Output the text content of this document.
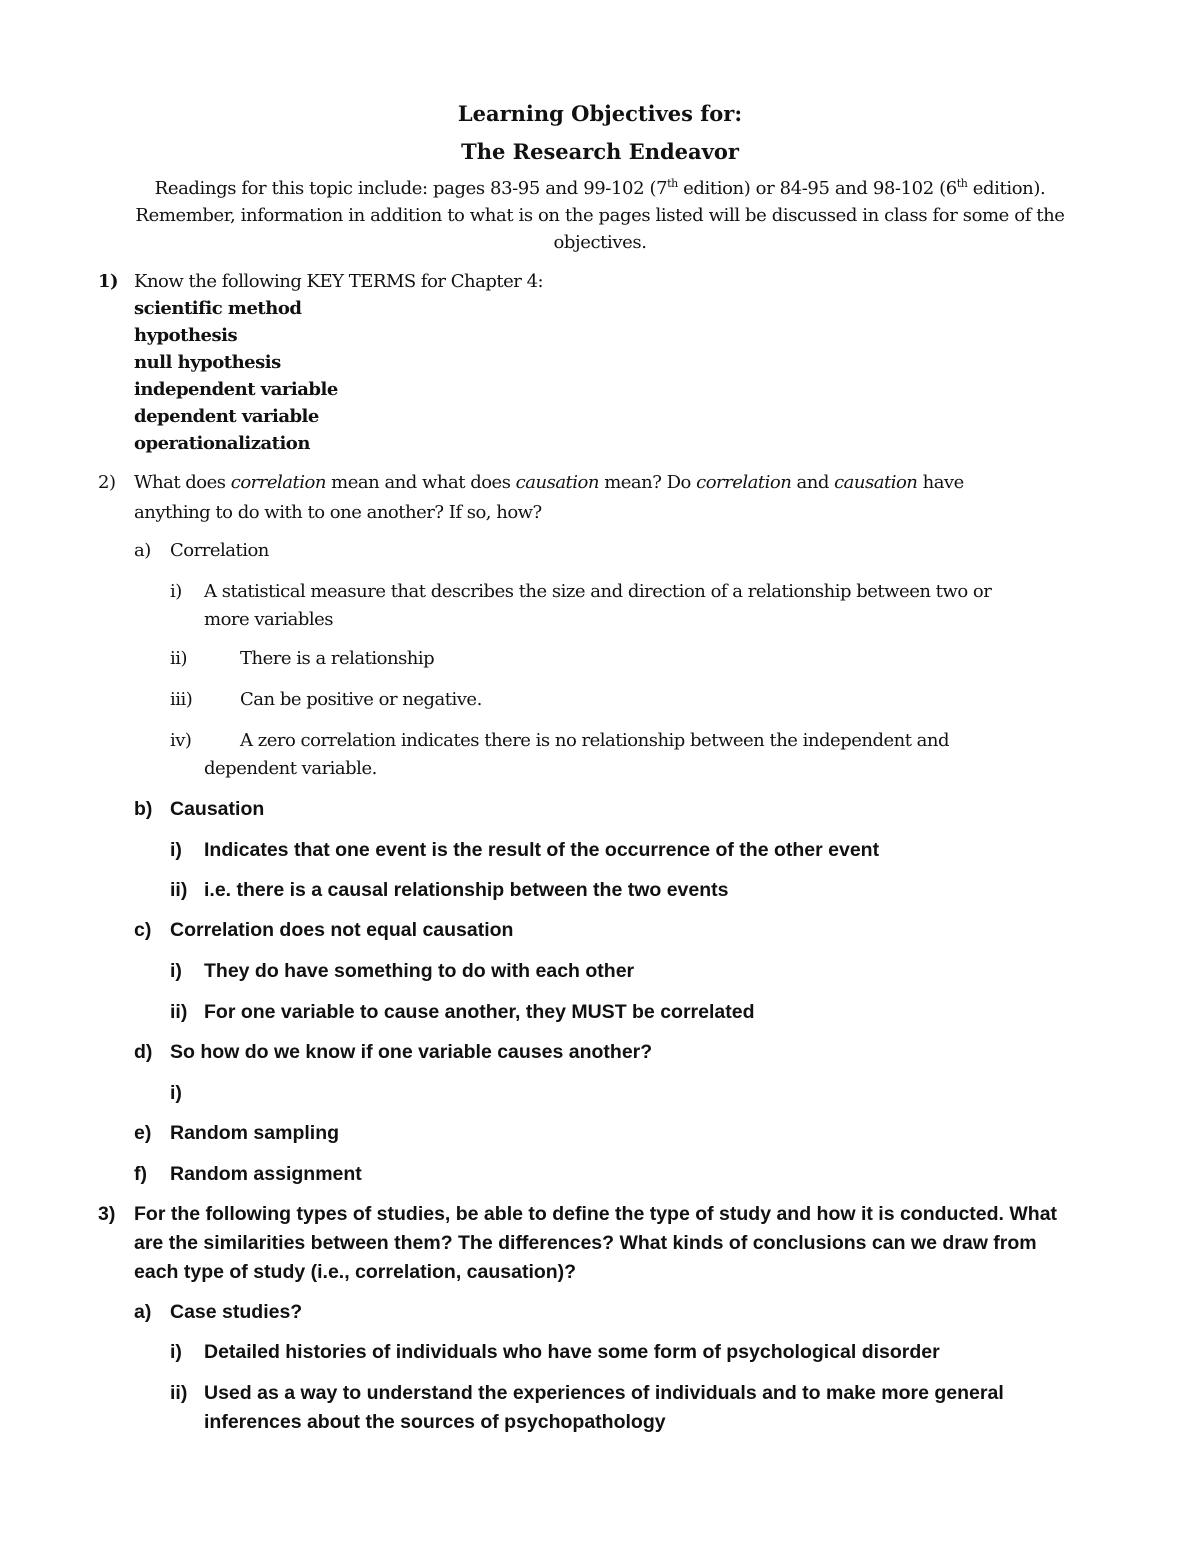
Learning Objectives for:
The Research Endeavor
Readings for this topic include: pages 83-95 and 99-102 (7th edition) or 84-95 and 98-102 (6th edition).
Remember, information in addition to what is on the pages listed will be discussed in class for some of the
objectives.
1) Know the following KEY TERMS for Chapter 4:
scientific method
hypothesis
null hypothesis
independent variable
dependent variable
operationalization
2) What does correlation mean and what does causation mean? Do correlation and causation have
anything to do with to one another? If so, how?
a) Correlation
i) A statistical measure that describes the size and direction of a relationship between two or
more variables
ii)	There is a relationship
iii)	Can be positive or negative.
iv)	A zero correlation indicates there is no relationship between the independent and
dependent variable.
b) Causation
i) Indicates that one event is the result of the occurrence of the other event
ii) i.e. there is a causal relationship between the two events
c) Correlation does not equal causation
i) They do have something to do with each other
ii) For one variable to cause another, they MUST be correlated
d) So how do we know if one variable causes another?
i)
e) Random sampling
f) Random assignment
3) For the following types of studies, be able to define the type of study and how it is conducted. What
are the similarities between them? The differences? What kinds of conclusions can we draw from
each type of study (i.e., correlation, causation)?
a) Case studies?
i) Detailed histories of individuals who have some form of psychological disorder
ii) Used as a way to understand the experiences of individuals and to make more general
inferences about the sources of psychopathology
